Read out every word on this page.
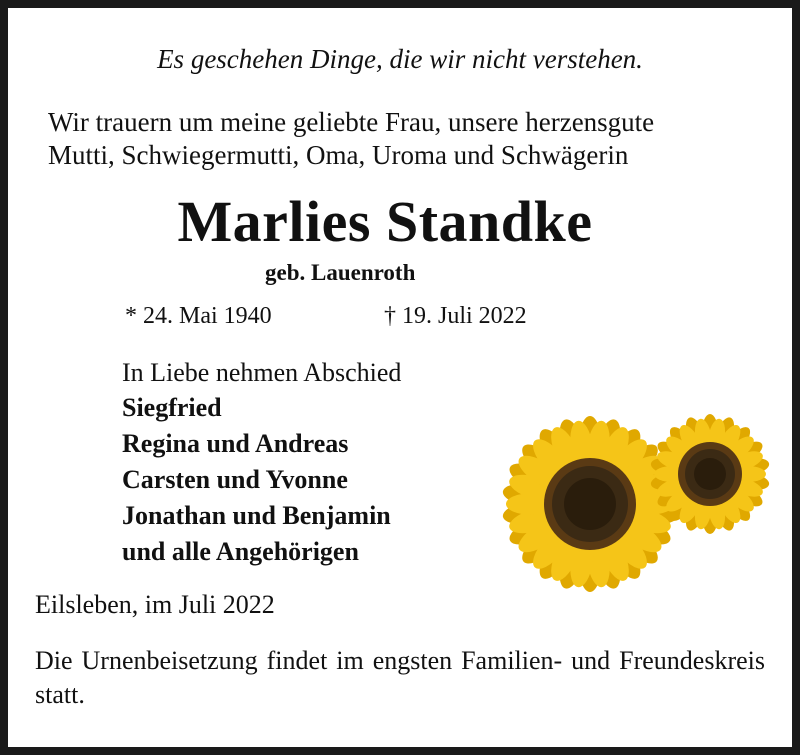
Es geschehen Dinge, die wir nicht verstehen.
Wir trauern um meine geliebte Frau, unsere herzensgute
Mutti, Schwiegermutti, Oma, Uroma und Schwägerin
Marlies Standke
geb. Lauenroth
* 24. Mai 1940	† 19. Juli 2022
In Liebe nehmen Abschied
Siegfried
Regina und Andreas
Carsten und Yvonne
Jonathan und Benjamin
und alle Angehörigen
Eilsleben, im Juli 2022
Die Urnenbeisetzung findet im engsten Familien- und Freundeskreis statt.
